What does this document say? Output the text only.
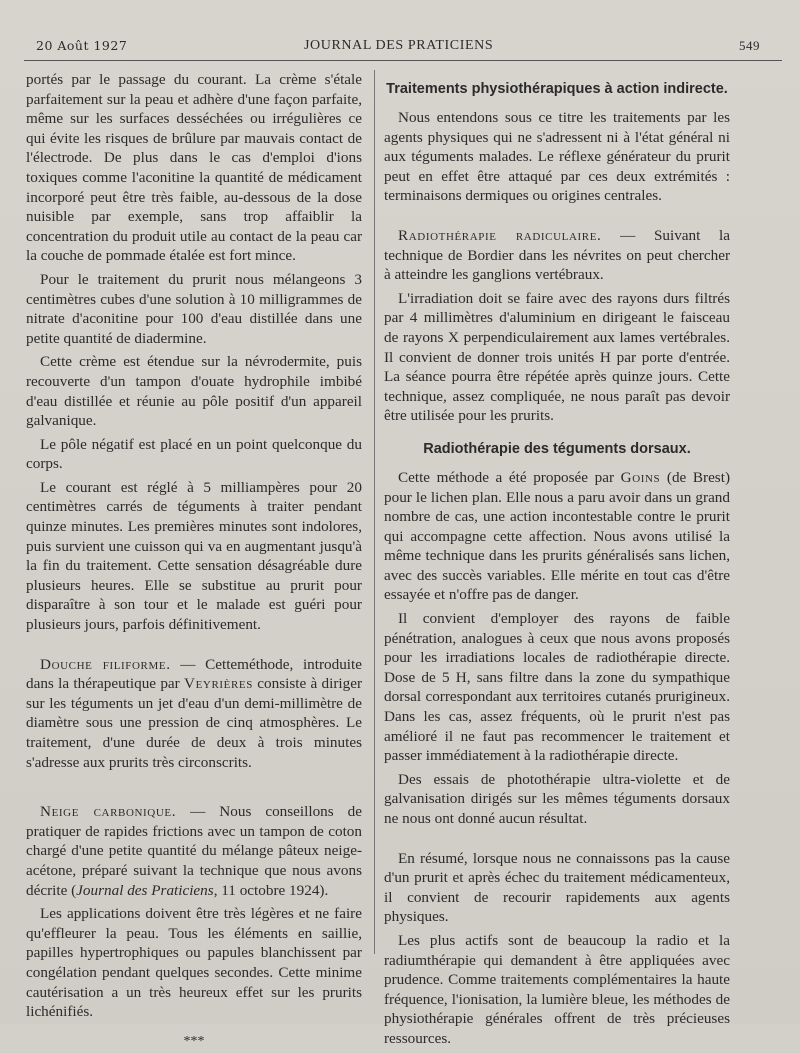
20 Août 1927	JOURNAL DES PRATICIENS	549

portés par le passage du courant. La crème s'étale parfaitement sur la peau et adhère d'une façon parfaite, même sur les surfaces desséchées ou irrégulières ce qui évite les risques de brûlure par mauvais contact de l'électrode. De plus dans le cas d'emploi d'ions toxiques comme l'aconitine la quantité de médicament incorporé peut être très faible, au-dessous de la dose nuisible par exemple, sans trop affaiblir la concentration du produit utile au contact de la peau car la couche de pommade étalée est fort mince.

Pour le traitement du prurit nous mélangeons 3 centimètres cubes d'une solution à 10 milligrammes de nitrate d'aconitine pour 100 d'eau distillée dans une petite quantité de diadermine.

Cette crème est étendue sur la névrodermite, puis recouverte d'un tampon d'ouate hydrophile imbibé d'eau distillée et réunie au pôle positif d'un appareil galvanique.

Le pôle négatif est placé en un point quelconque du corps.

Le courant est réglé à 5 milliampères pour 20 centimètres carrés de téguments à traiter pendant quinze minutes. Les premières minutes sont indolores, puis survient une cuisson qui va en augmentant jusqu'à la fin du traitement. Cette sensation désagréable dure plusieurs heures. Elle se substitue au prurit pour disparaître à son tour et le malade est guéri pour plusieurs jours, parfois définitivement.

Douche filiforme. — Cetteméthode, introduite dans la thérapeutique par Veyrières consiste à diriger sur les téguments un jet d'eau d'un demi-millimètre de diamètre sous une pression de cinq atmosphères. Le traitement, d'une durée de deux à trois minutes s'adresse aux prurits très circonscrits.

Neige carbonique. — Nous conseillons de pratiquer de rapides frictions avec un tampon de coton chargé d'une petite quantité du mélange pâteux neige-acétone, préparé suivant la technique que nous avons décrite (Journal des Praticiens, 11 octobre 1924).

Les applications doivent être très légères et ne faire qu'effleurer la peau. Tous les éléments en saillie, papilles hypertrophiques ou papules blanchissent par congélation pendant quelques secondes. Cette minime cautérisation a un très heureux effet sur les prurits lichénifiés.

***
Traitements physiothérapiques à action indirecte.

Nous entendons sous ce titre les traitements par les agents physiques qui ne s'adressent ni à l'état général ni aux téguments malades. Le réflexe générateur du prurit peut en effet être attaqué par ces deux extrémités : terminaisons dermiques ou origines centrales.

Radiothérapie radiculaire. — Suivant la technique de Bordier dans les névrites on peut chercher à atteindre les ganglions vertébraux.

L'irradiation doit se faire avec des rayons durs filtrés par 4 millimètres d'aluminium en dirigeant le faisceau de rayons X perpendiculairement aux lames vertébrales. Il convient de donner trois unités H par porte d'entrée. La séance pourra être répétée après quinze jours. Cette technique, assez compliquée, ne nous paraît pas devoir être utilisée pour les prurits.

Radiothérapie des téguments dorsaux.

Cette méthode a été proposée par Goins (de Brest) pour le lichen plan. Elle nous a paru avoir dans un grand nombre de cas, une action incontestable contre le prurit qui accompagne cette affection. Nous avons utilisé la même technique dans les prurits généralisés sans lichen, avec des succès variables. Elle mérite en tout cas d'être essayée et n'offre pas de danger.

Il convient d'employer des rayons de faible pénétration, analogues à ceux que nous avons proposés pour les irradiations locales de radiothérapie directe. Dose de 5 H, sans filtre dans la zone du sympathique dorsal correspondant aux territoires cutanés prurigineux. Dans les cas, assez fréquents, où le prurit n'est pas amélioré il ne faut pas recommencer le traitement et passer immédiatement à la radiothérapie directe.

Des essais de photothérapie ultra-violette et de galvanisation dirigés sur les mêmes téguments dorsaux ne nous ont donné aucun résultat.

En résumé, lorsque nous ne connaissons pas la cause d'un prurit et après échec du traitement médicamenteux, il convient de recourir rapidements aux agents physiques.

Les plus actifs sont de beaucoup la radio et la radiumthérapie qui demandent à être appliquées avec prudence. Comme traitements complémentaires la haute fréquence, l'ionisation, la lumière bleue, les méthodes de physiothérapie générales offrent de très précieuses ressources.
